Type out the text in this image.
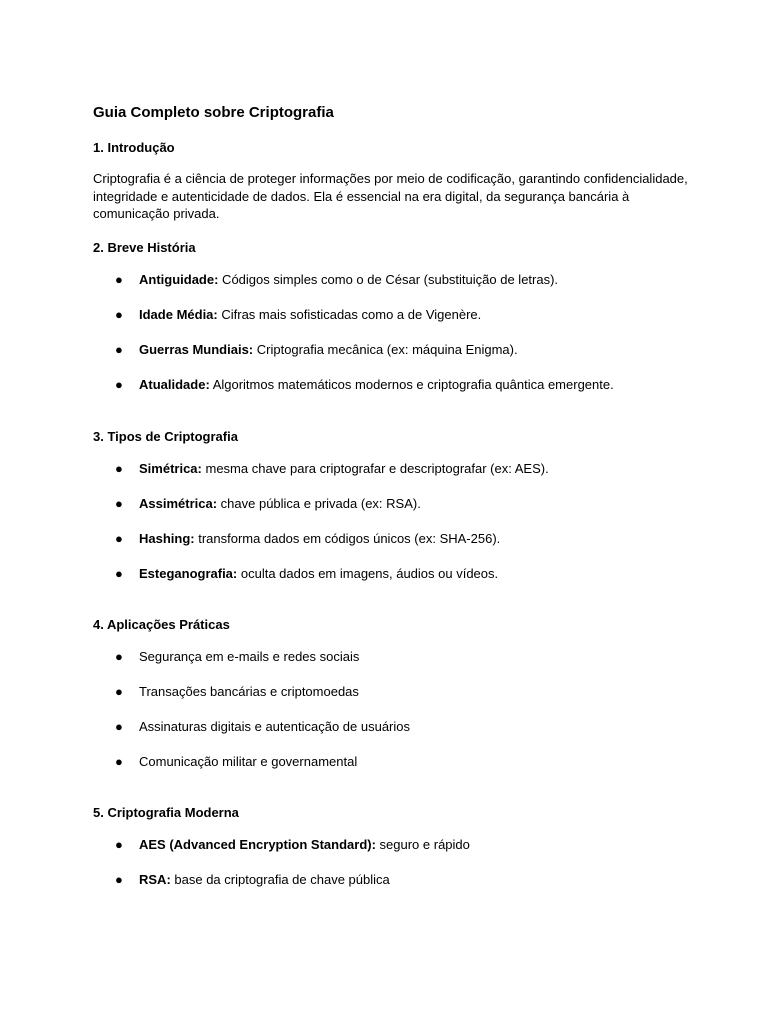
Guia Completo sobre Criptografia
1. Introdução

Criptografia é a ciência de proteger informações por meio de codificação, garantindo confidencialidade, integridade e autenticidade de dados. Ela é essencial na era digital, da segurança bancária à comunicação privada.

2. Breve História
● Antiguidade: Códigos simples como o de César (substituição de letras).
● Idade Média: Cifras mais sofisticadas como a de Vigenère.
● Guerras Mundiais: Criptografia mecânica (ex: máquina Enigma).
● Atualidade: Algoritmos matemáticos modernos e criptografia quântica emergente.
3. Tipos de Criptografia
● Simétrica: mesma chave para criptografar e descriptografar (ex: AES).
● Assimétrica: chave pública e privada (ex: RSA).
● Hashing: transforma dados em códigos únicos (ex: SHA-256).
● Esteganografia: oculta dados em imagens, áudios ou vídeos.
4. Aplicações Práticas
● Segurança em e-mails e redes sociais
● Transações bancárias e criptomoedas
● Assinaturas digitais e autenticação de usuários
● Comunicação militar e governamental
5. Criptografia Moderna
● AES (Advanced Encryption Standard): seguro e rápido
● RSA: base da criptografia de chave pública
